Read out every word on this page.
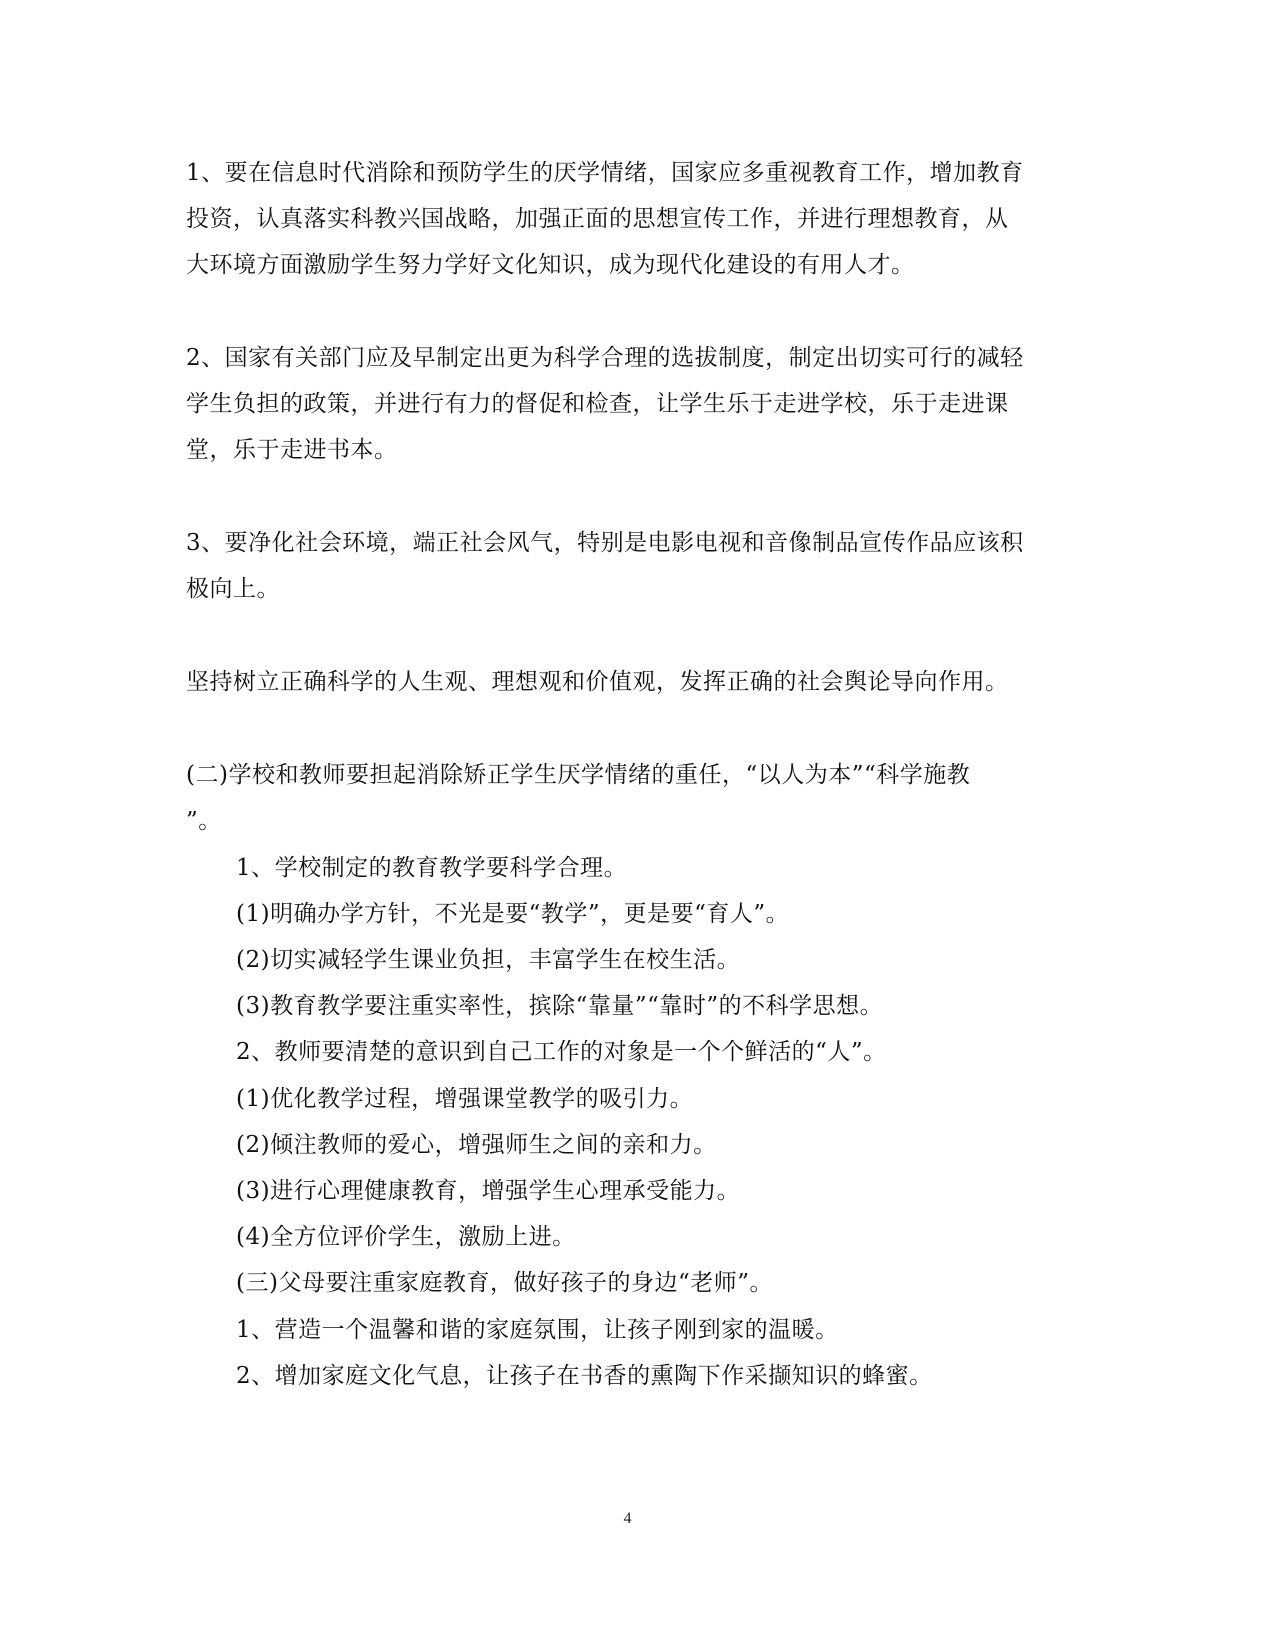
1、要在信息时代消除和预防学生的厌学情绪，国家应多重视教育工作，增加教育
投资，认真落实科教兴国战略，加强正面的思想宣传工作，并进行理想教育，从
大环境方面激励学生努力学好文化知识，成为现代化建设的有用人才。
2、国家有关部门应及早制定出更为科学合理的选拔制度，制定出切实可行的减轻
学生负担的政策，并进行有力的督促和检查，让学生乐于走进学校，乐于走进课
堂，乐于走进书本。
3、要净化社会环境，端正社会风气，特别是电影电视和音像制品宣传作品应该积
极向上。
坚持树立正确科学的人生观、理想观和价值观，发挥正确的社会舆论导向作用。
(二)学校和教师要担起消除矫正学生厌学情绪的重任，“以人为本”“科学施教
”。
1、学校制定的教育教学要科学合理。
(1)明确办学方针，不光是要“教学”，更是要“育人”。
(2)切实减轻学生课业负担，丰富学生在校生活。
(3)教育教学要注重实率性，摈除“靠量”“靠时”的不科学思想。
2、教师要清楚的意识到自己工作的对象是一个个鲜活的“人”。
(1)优化教学过程，增强课堂教学的吸引力。
(2)倾注教师的爱心，增强师生之间的亲和力。
(3)进行心理健康教育，增强学生心理承受能力。
(4)全方位评价学生，激励上进。
(三)父母要注重家庭教育，做好孩子的身边“老师”。
1、营造一个温馨和谐的家庭氛围，让孩子刚到家的温暖。
2、增加家庭文化气息，让孩子在书香的熏陶下作采撷知识的蜂蜜。
4
